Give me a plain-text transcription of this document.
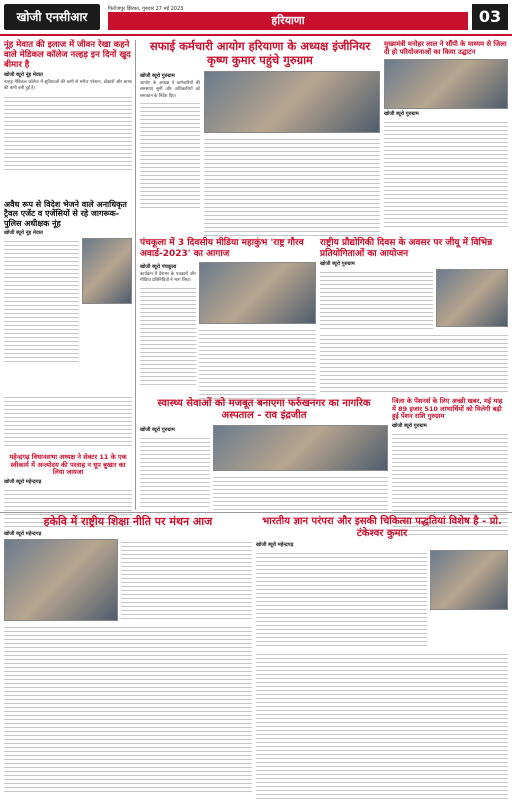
खोजी एनसीआर
फिरोजपुर झिरका, गुरुवार 27 मई 2023
हरियाणा	03
नूंह मेवात की इलाज में जीवन रेखा कहने वाले मेडिकल कॉलेज नल्हड़ इन दिनों खुद बीमार है
खोजी ब्यूरो नूंह मेवात

नल्हड़ मेडिकल कॉलेज में सुविधाओं की कमी से मरीज परेशान, डॉक्टरों और स्टाफ की कमी बनी हुई है।

अवैध रूप से विदेश भेजने वाले अनाधिकृत ट्रैवल एजेंट व एजेंसियों से रहे जागरूक-पुलिस अधीक्षक नूंह
खोजी ब्यूरो नूंह मेवात
महेन्द्रगढ़ विधानसभा अध्यक्ष ने सेक्टर 11 के एक स्वीकार्य में अन्त्योदय की परवाह न धूप बुखार का लिया जायजा
खोजी ब्यूरो महेन्द्रगढ़
सफाई कर्मचारी आयोग हरियाणा के अध्यक्ष इंजीनियर कृष्ण कुमार पहुंचे गुरुग्राम
खोजी ब्यूरो गुरुग्राम

आयोग के अध्यक्ष ने कर्मचारियों की समस्याएं सुनीं और अधिकारियों को समाधान के निर्देश दिए।

मुख्यमंत्री मनोहर लाल ने सौंपी के माध्यम से जिला दी हो परियोजनाओं का किया उद्घाटन
खोजी ब्यूरो गुरुग्राम
पंचकूला में 3 दिवसीय मीडिया महाकुंभ 'राष्ट्र गौरव अवार्ड-2023' का आगाज
खोजी ब्यूरो पंचकूला

कार्यक्रम में देशभर के पत्रकारों और मीडिया प्रतिनिधियों ने भाग लिया।

राष्ट्रीय प्रौद्योगिकी दिवस के अवसर पर जीयू में विभिन्न प्रतियोगिताओं का आयोजन
खोजी ब्यूरो गुरुग्राम
जिला के पेंशनर्स के लिए अच्छी खबर, मई माह में 89 हजार 510 लाभार्थियों को मिलेगी बढ़ी हुई पेंशन राशि गुरुग्राम
खोजी ब्यूरो गुरुग्राम
स्वास्थ्य सेवाओं को मजबूत बनाएगा फर्रुखनगर का नागरिक अस्पताल - राव इंद्रजीत
खोजी ब्यूरो गुरुग्राम
हकेवि में राष्ट्रीय शिक्षा नीति पर मंथन आज
खोजी ब्यूरो महेन्द्रगढ़
भारतीय ज्ञान परंपरा और इसकी चिकित्सा पद्धतियां विशेष है - प्रो. टंकेश्वर कुमार
खोजी ब्यूरो महेन्द्रगढ़
